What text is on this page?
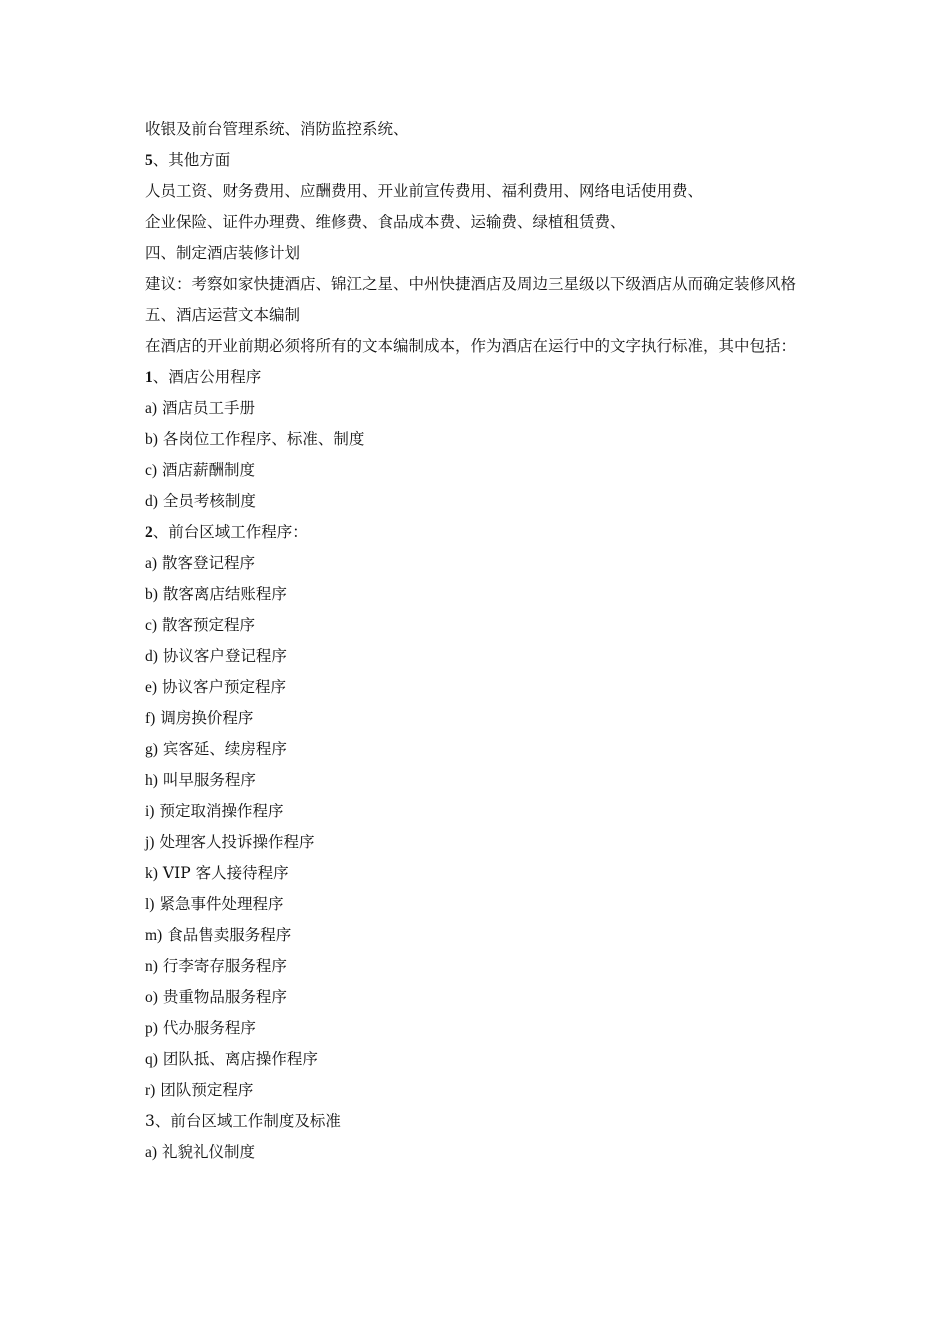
收银及前台管理系统、消防监控系统、
5、其他方面
人员工资、财务费用、应酬费用、开业前宣传费用、福利费用、网络电话使用费、
企业保险、证件办理费、维修费、食品成本费、运输费、绿植租赁费、
四、制定酒店装修计划
建议：考察如家快捷酒店、锦江之星、中州快捷酒店及周边三星级以下级酒店从而确定装修风格
五、酒店运营文本编制
在酒店的开业前期必须将所有的文本编制成本，作为酒店在运行中的文字执行标准，其中包括：
1、酒店公用程序
a) 酒店员工手册
b) 各岗位工作程序、标准、制度
c) 酒店薪酬制度
d) 全员考核制度
2、前台区域工作程序：
a) 散客登记程序
b) 散客离店结账程序
c) 散客预定程序
d) 协议客户登记程序
e) 协议客户预定程序
f) 调房换价程序
g) 宾客延、续房程序
h) 叫早服务程序
i) 预定取消操作程序
j) 处理客人投诉操作程序
k) VIP 客人接待程序
l) 紧急事件处理程序
m) 食品售卖服务程序
n) 行李寄存服务程序
o) 贵重物品服务程序
p) 代办服务程序
q) 团队抵、离店操作程序
r) 团队预定程序
3、前台区域工作制度及标准
a) 礼貌礼仪制度
